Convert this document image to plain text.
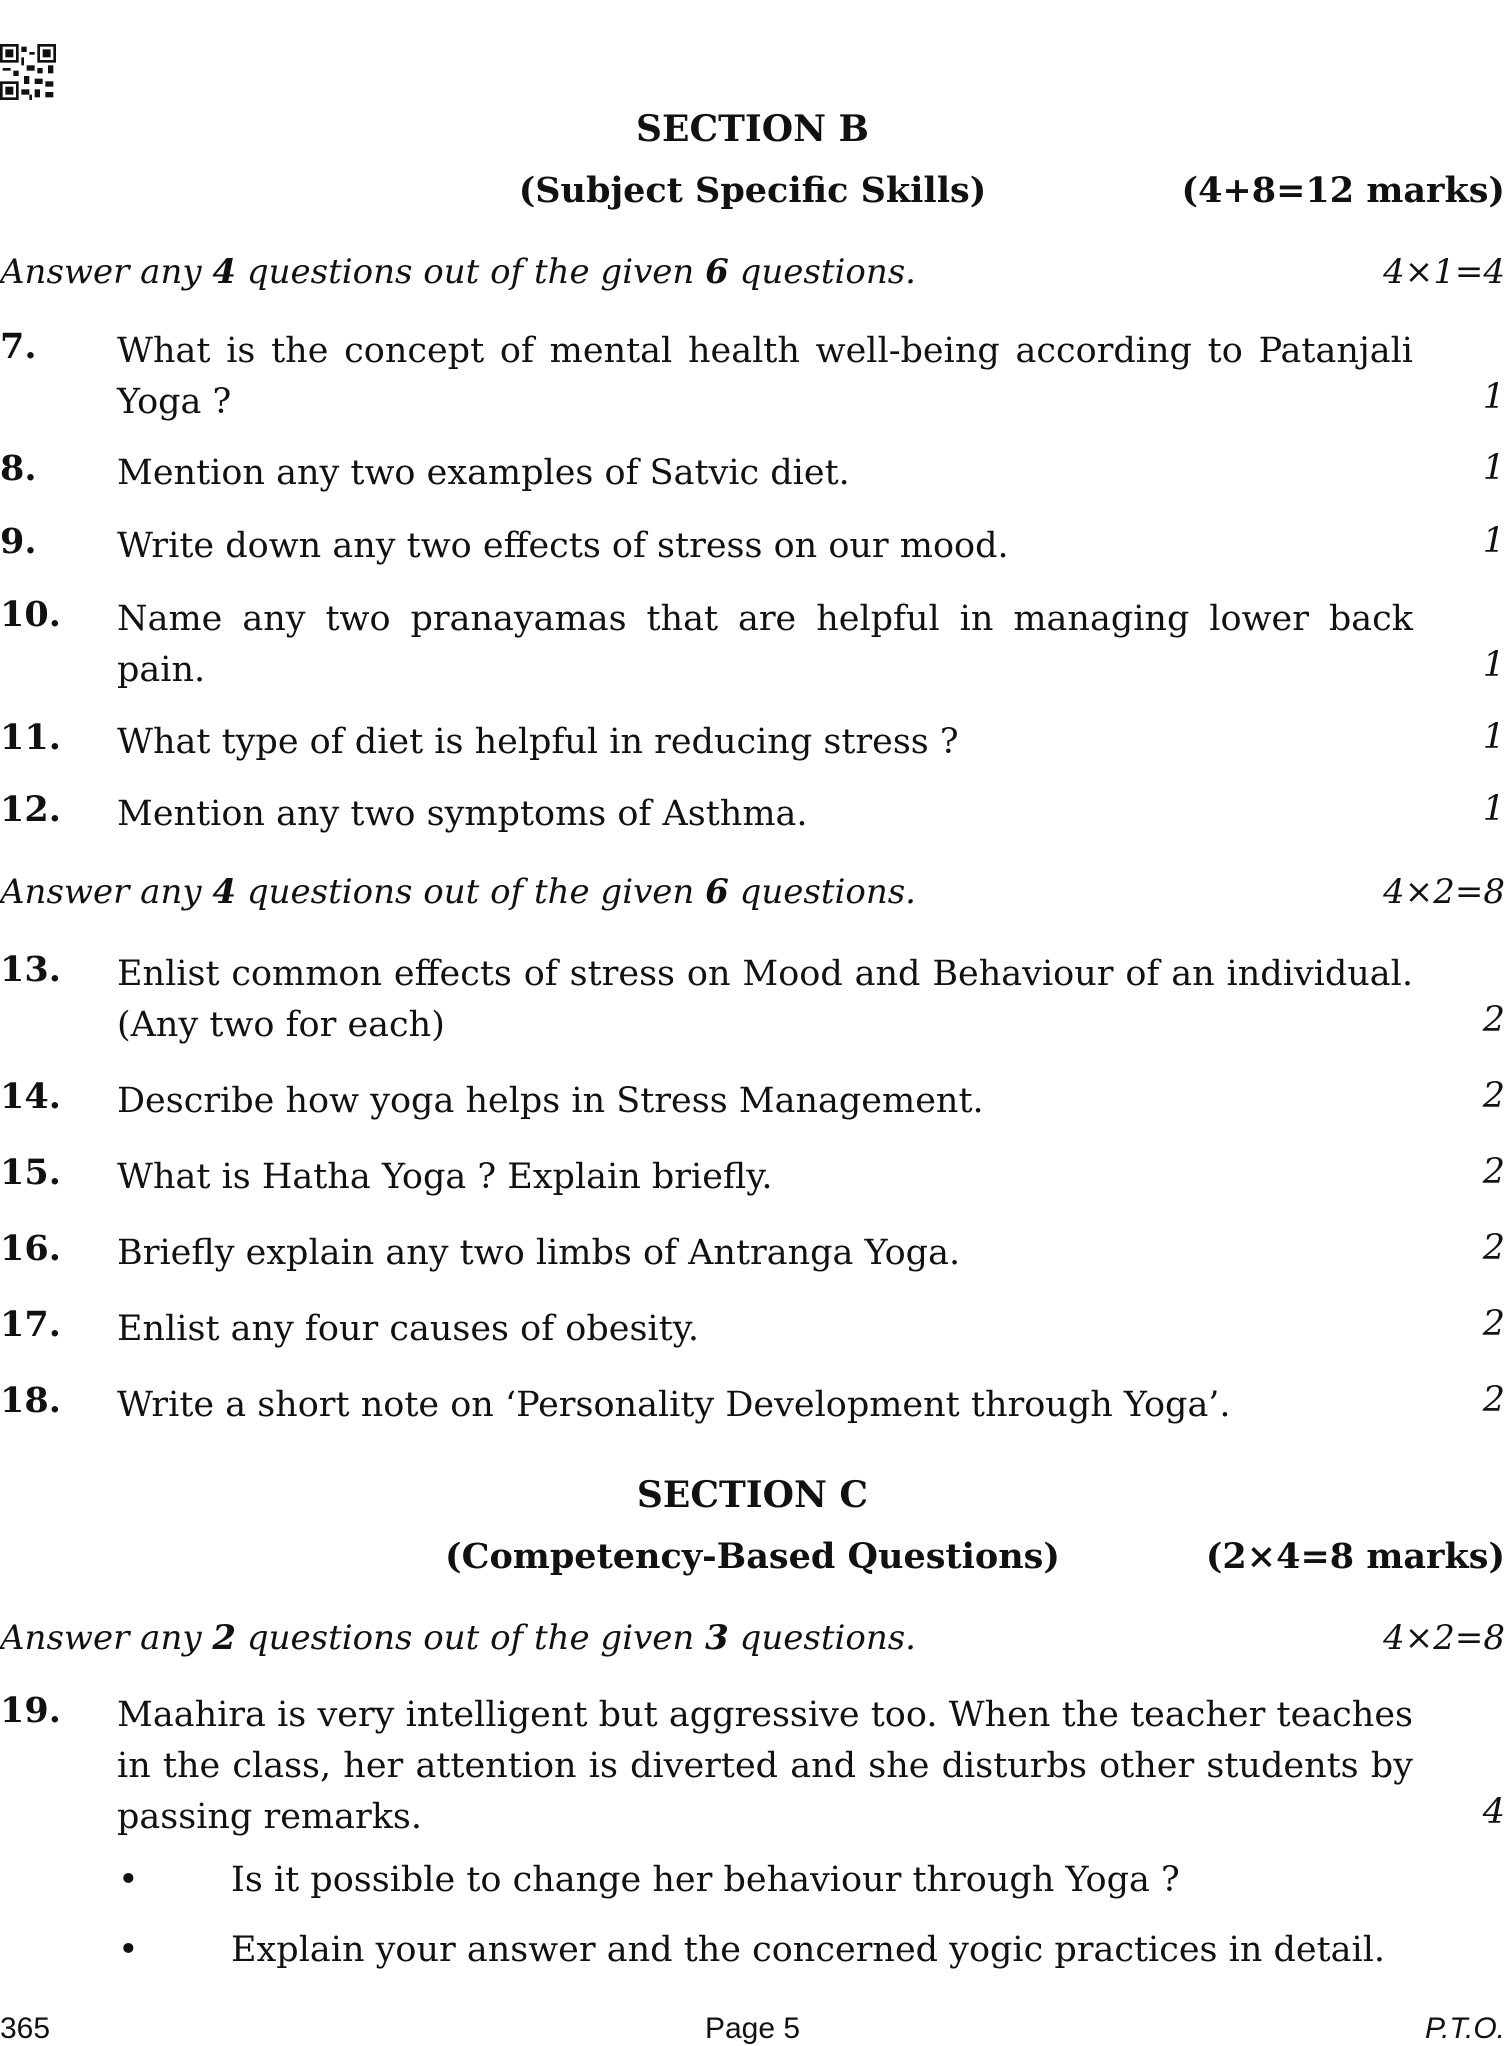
SECTION B
(Subject Specific Skills)	(4+8=12 marks)
Answer any 4 questions out of the given 6 questions.	4×1=4
7. What is the concept of mental health well-being according to Patanjali Yoga ?	1
8. Mention any two examples of Satvic diet.	1
9. Write down any two effects of stress on our mood.	1
10. Name any two pranayamas that are helpful in managing lower back pain.	1
11. What type of diet is helpful in reducing stress ?	1
12. Mention any two symptoms of Asthma.	1
Answer any 4 questions out of the given 6 questions.	4×2=8
13. Enlist common effects of stress on Mood and Behaviour of an individual. (Any two for each)	2
14. Describe how yoga helps in Stress Management.	2
15. What is Hatha Yoga ? Explain briefly.	2
16. Briefly explain any two limbs of Antranga Yoga.	2
17. Enlist any four causes of obesity.	2
18. Write a short note on ‘Personality Development through Yoga’.	2
SECTION C
(Competency-Based Questions)	(2×4=8 marks)
Answer any 2 questions out of the given 3 questions.	4×2=8
19. Maahira is very intelligent but aggressive too. When the teacher teaches in the class, her attention is diverted and she disturbs other students by passing remarks.	4
•	Is it possible to change her behaviour through Yoga ?
•	Explain your answer and the concerned yogic practices in detail.
365	Page 5	P.T.O.
